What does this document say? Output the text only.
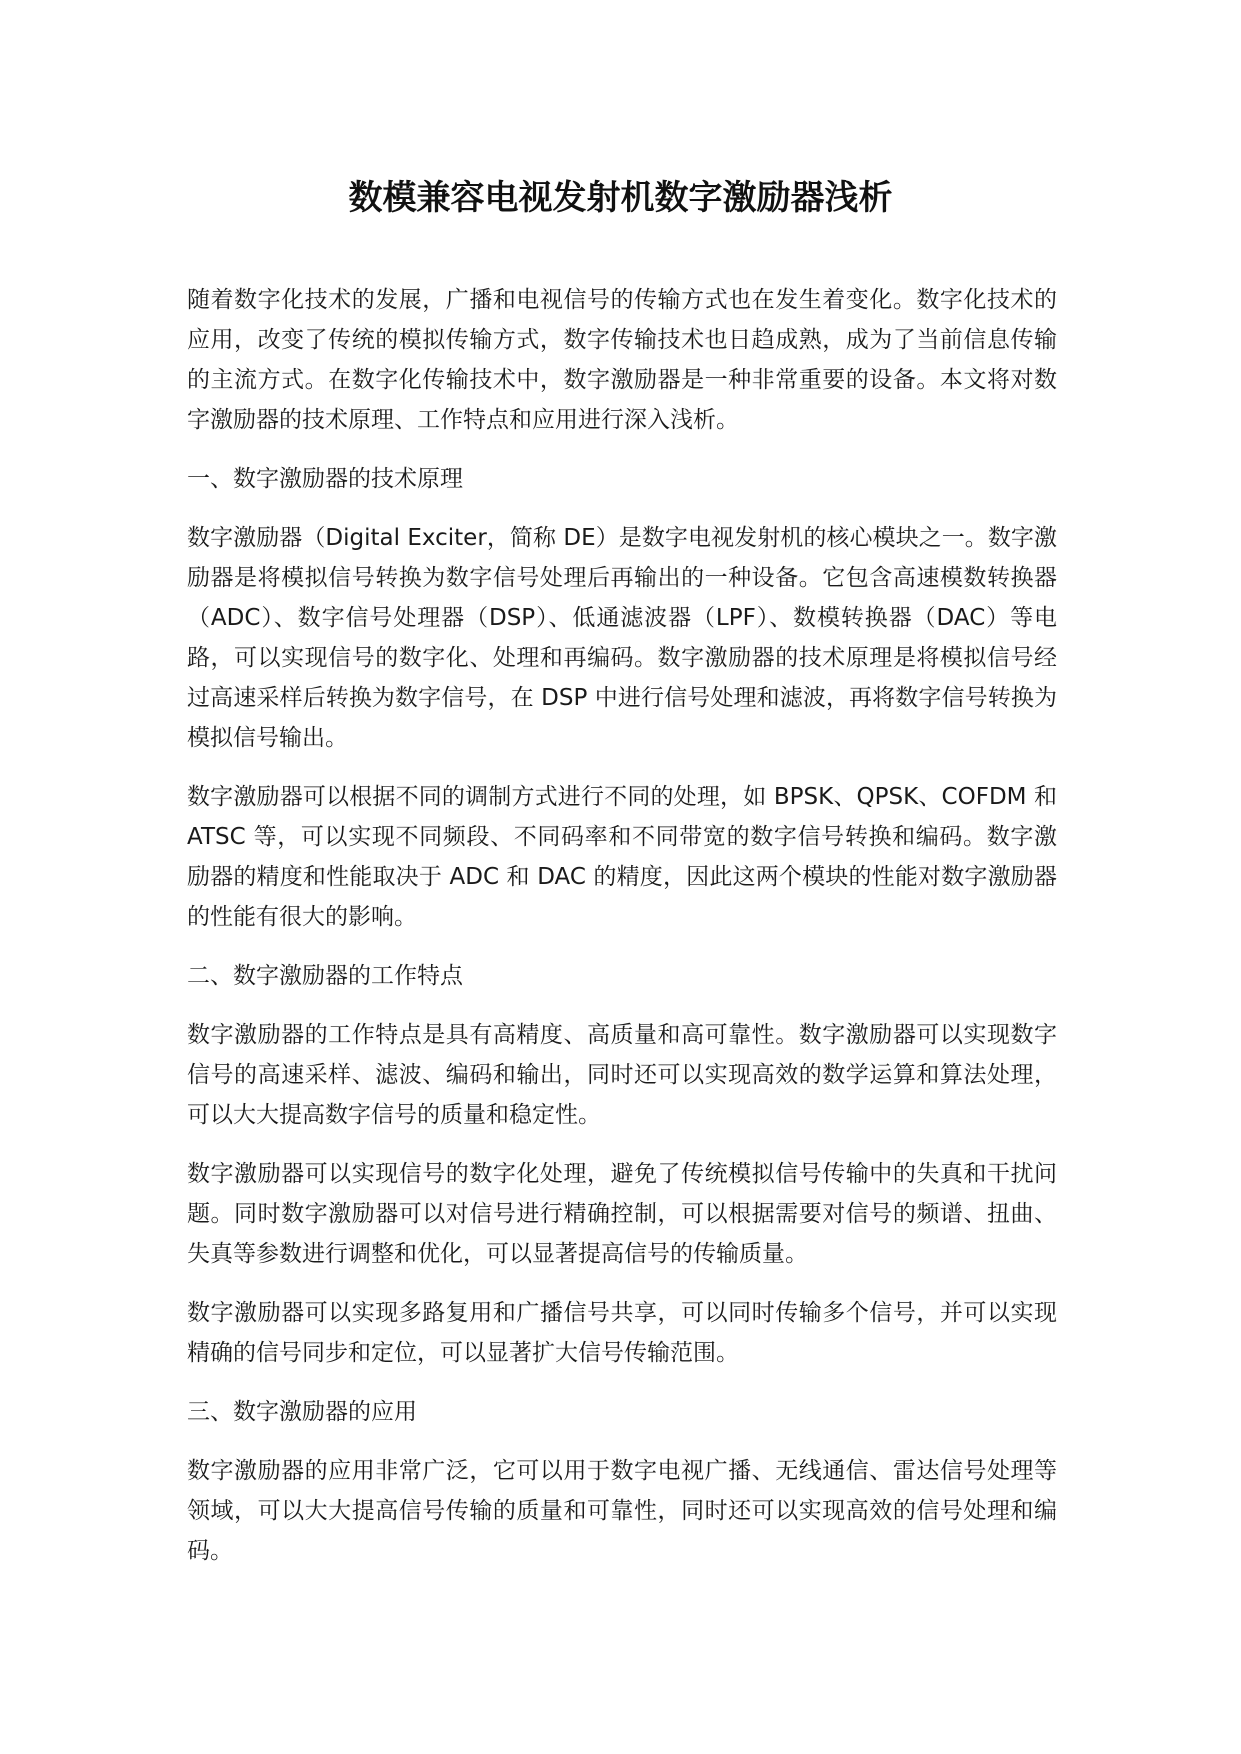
数模兼容电视发射机数字激励器浅析

随着数字化技术的发展，广播和电视信号的传输方式也在发生着变化。数字化技术的应用，改变了传统的模拟传输方式，数字传输技术也日趋成熟，成为了当前信息传输的主流方式。在数字化传输技术中，数字激励器是一种非常重要的设备。本文将对数字激励器的技术原理、工作特点和应用进行深入浅析。

一、数字激励器的技术原理

数字激励器（Digital Exciter，简称 DE）是数字电视发射机的核心模块之一。数字激励器是将模拟信号转换为数字信号处理后再输出的一种设备。它包含高速模数转换器（ADC）、数字信号处理器（DSP）、低通滤波器（LPF）、数模转换器（DAC）等电路，可以实现信号的数字化、处理和再编码。数字激励器的技术原理是将模拟信号经过高速采样后转换为数字信号，在 DSP 中进行信号处理和滤波，再将数字信号转换为模拟信号输出。

数字激励器可以根据不同的调制方式进行不同的处理，如 BPSK、QPSK、COFDM 和 ATSC 等，可以实现不同频段、不同码率和不同带宽的数字信号转换和编码。数字激励器的精度和性能取决于 ADC 和 DAC 的精度，因此这两个模块的性能对数字激励器的性能有很大的影响。

二、数字激励器的工作特点

数字激励器的工作特点是具有高精度、高质量和高可靠性。数字激励器可以实现数字信号的高速采样、滤波、编码和输出，同时还可以实现高效的数学运算和算法处理，可以大大提高数字信号的质量和稳定性。

数字激励器可以实现信号的数字化处理，避免了传统模拟信号传输中的失真和干扰问题。同时数字激励器可以对信号进行精确控制，可以根据需要对信号的频谱、扭曲、失真等参数进行调整和优化，可以显著提高信号的传输质量。

数字激励器可以实现多路复用和广播信号共享，可以同时传输多个信号，并可以实现精确的信号同步和定位，可以显著扩大信号传输范围。

三、数字激励器的应用

数字激励器的应用非常广泛，它可以用于数字电视广播、无线通信、雷达信号处理等领域，可以大大提高信号传输的质量和可靠性，同时还可以实现高效的信号处理和编码。
